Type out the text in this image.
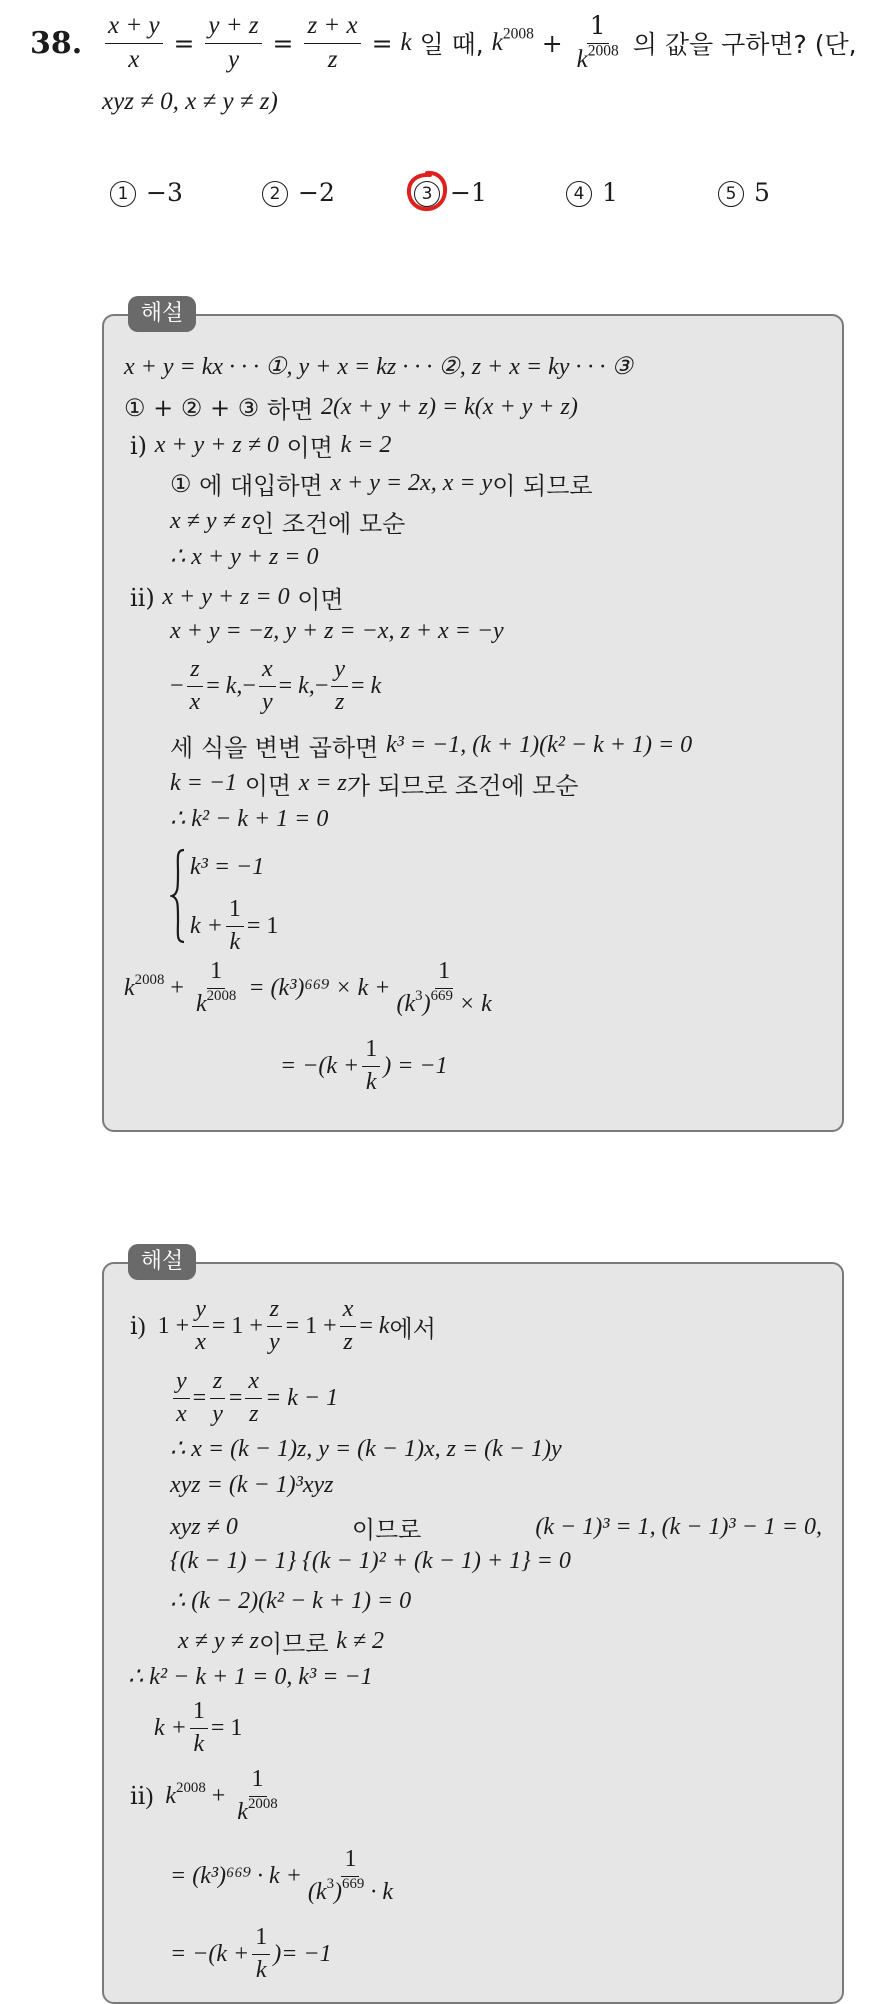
38. $\frac{x + y}{x} = \frac{y + z}{y} = \frac{z + x}{z} = k$
일 때,
$k^{2008} + \frac{1}{k^{2008}}$
의 값을 구하면? (단,
xyz ≠ 0, x ≠ y ≠ z)
1 −3	2 −2	3 −1	4 1	5 5
해설
x + y = kx · · · ①, y + x = kz · · · ②, z + x = ky · · · ③
① + ② + ③
하면
2(x + y + z) = k(x + y + z)
ⅰ)
x + y + z ≠ 0
이면
k = 2
①
에 대입하면
x + y = 2x, x = y 이 되므로
x ≠ y ≠ z 인 조건에 모순
∴ x + y + z = 0
ⅱ)
x + y + z = 0
이면
x + y = −z, y + z = −x, z + x = −y
− $\frac{z}{x} = k$, − $\frac{x}{y} = k$, − $\frac{y}{z} = k$
세 식을 변변 곱하면
k³ = −1, (k + 1)(k² − k + 1) = 0
k = −1
이면
x = z 가 되므로 조건에 모순
∴ k² − k + 1 = 0
k³ = −1
$k + \frac{1}{k} = 1$
$k^{2008} + \frac{1}{k^{2008}}$
= $(k^3)^{669} \times k + \frac{1}{(k^3)^{669} \times k}$
= $-(k + \frac{1}{k}$ ) = −1
해설
ⅰ)
$1 + \frac{y}{x} = 1 + \frac{z}{y} = 1 + \frac{x}{z} = k$ 에서
$\frac{y}{x} = \frac{z}{y} = \frac{x}{z} = k - 1$
∴ x = (k − 1)z, y = (k − 1)x, z = (k − 1)y
xyz = (k − 1)³xyz
xyz ≠ 0	이므로	(k − 1)³ = 1, (k − 1)³ − 1 = 0,
{(k − 1) − 1} {(k − 1)² + (k − 1) + 1} = 0
∴ (k − 2)(k² − k + 1) = 0
x ≠ y ≠ z 이므로
k ≠ 2
∴ k² − k + 1 = 0, k³ = −1
$k + \frac{1}{k} = 1$
ⅱ)
$k^{2008} + \frac{1}{k^{2008}}$
= $(k^3)^{669} \cdot k + \frac{1}{(k^3)^{669} \cdot k}$
= $-(k + \frac{1}{k}$ )= −1
